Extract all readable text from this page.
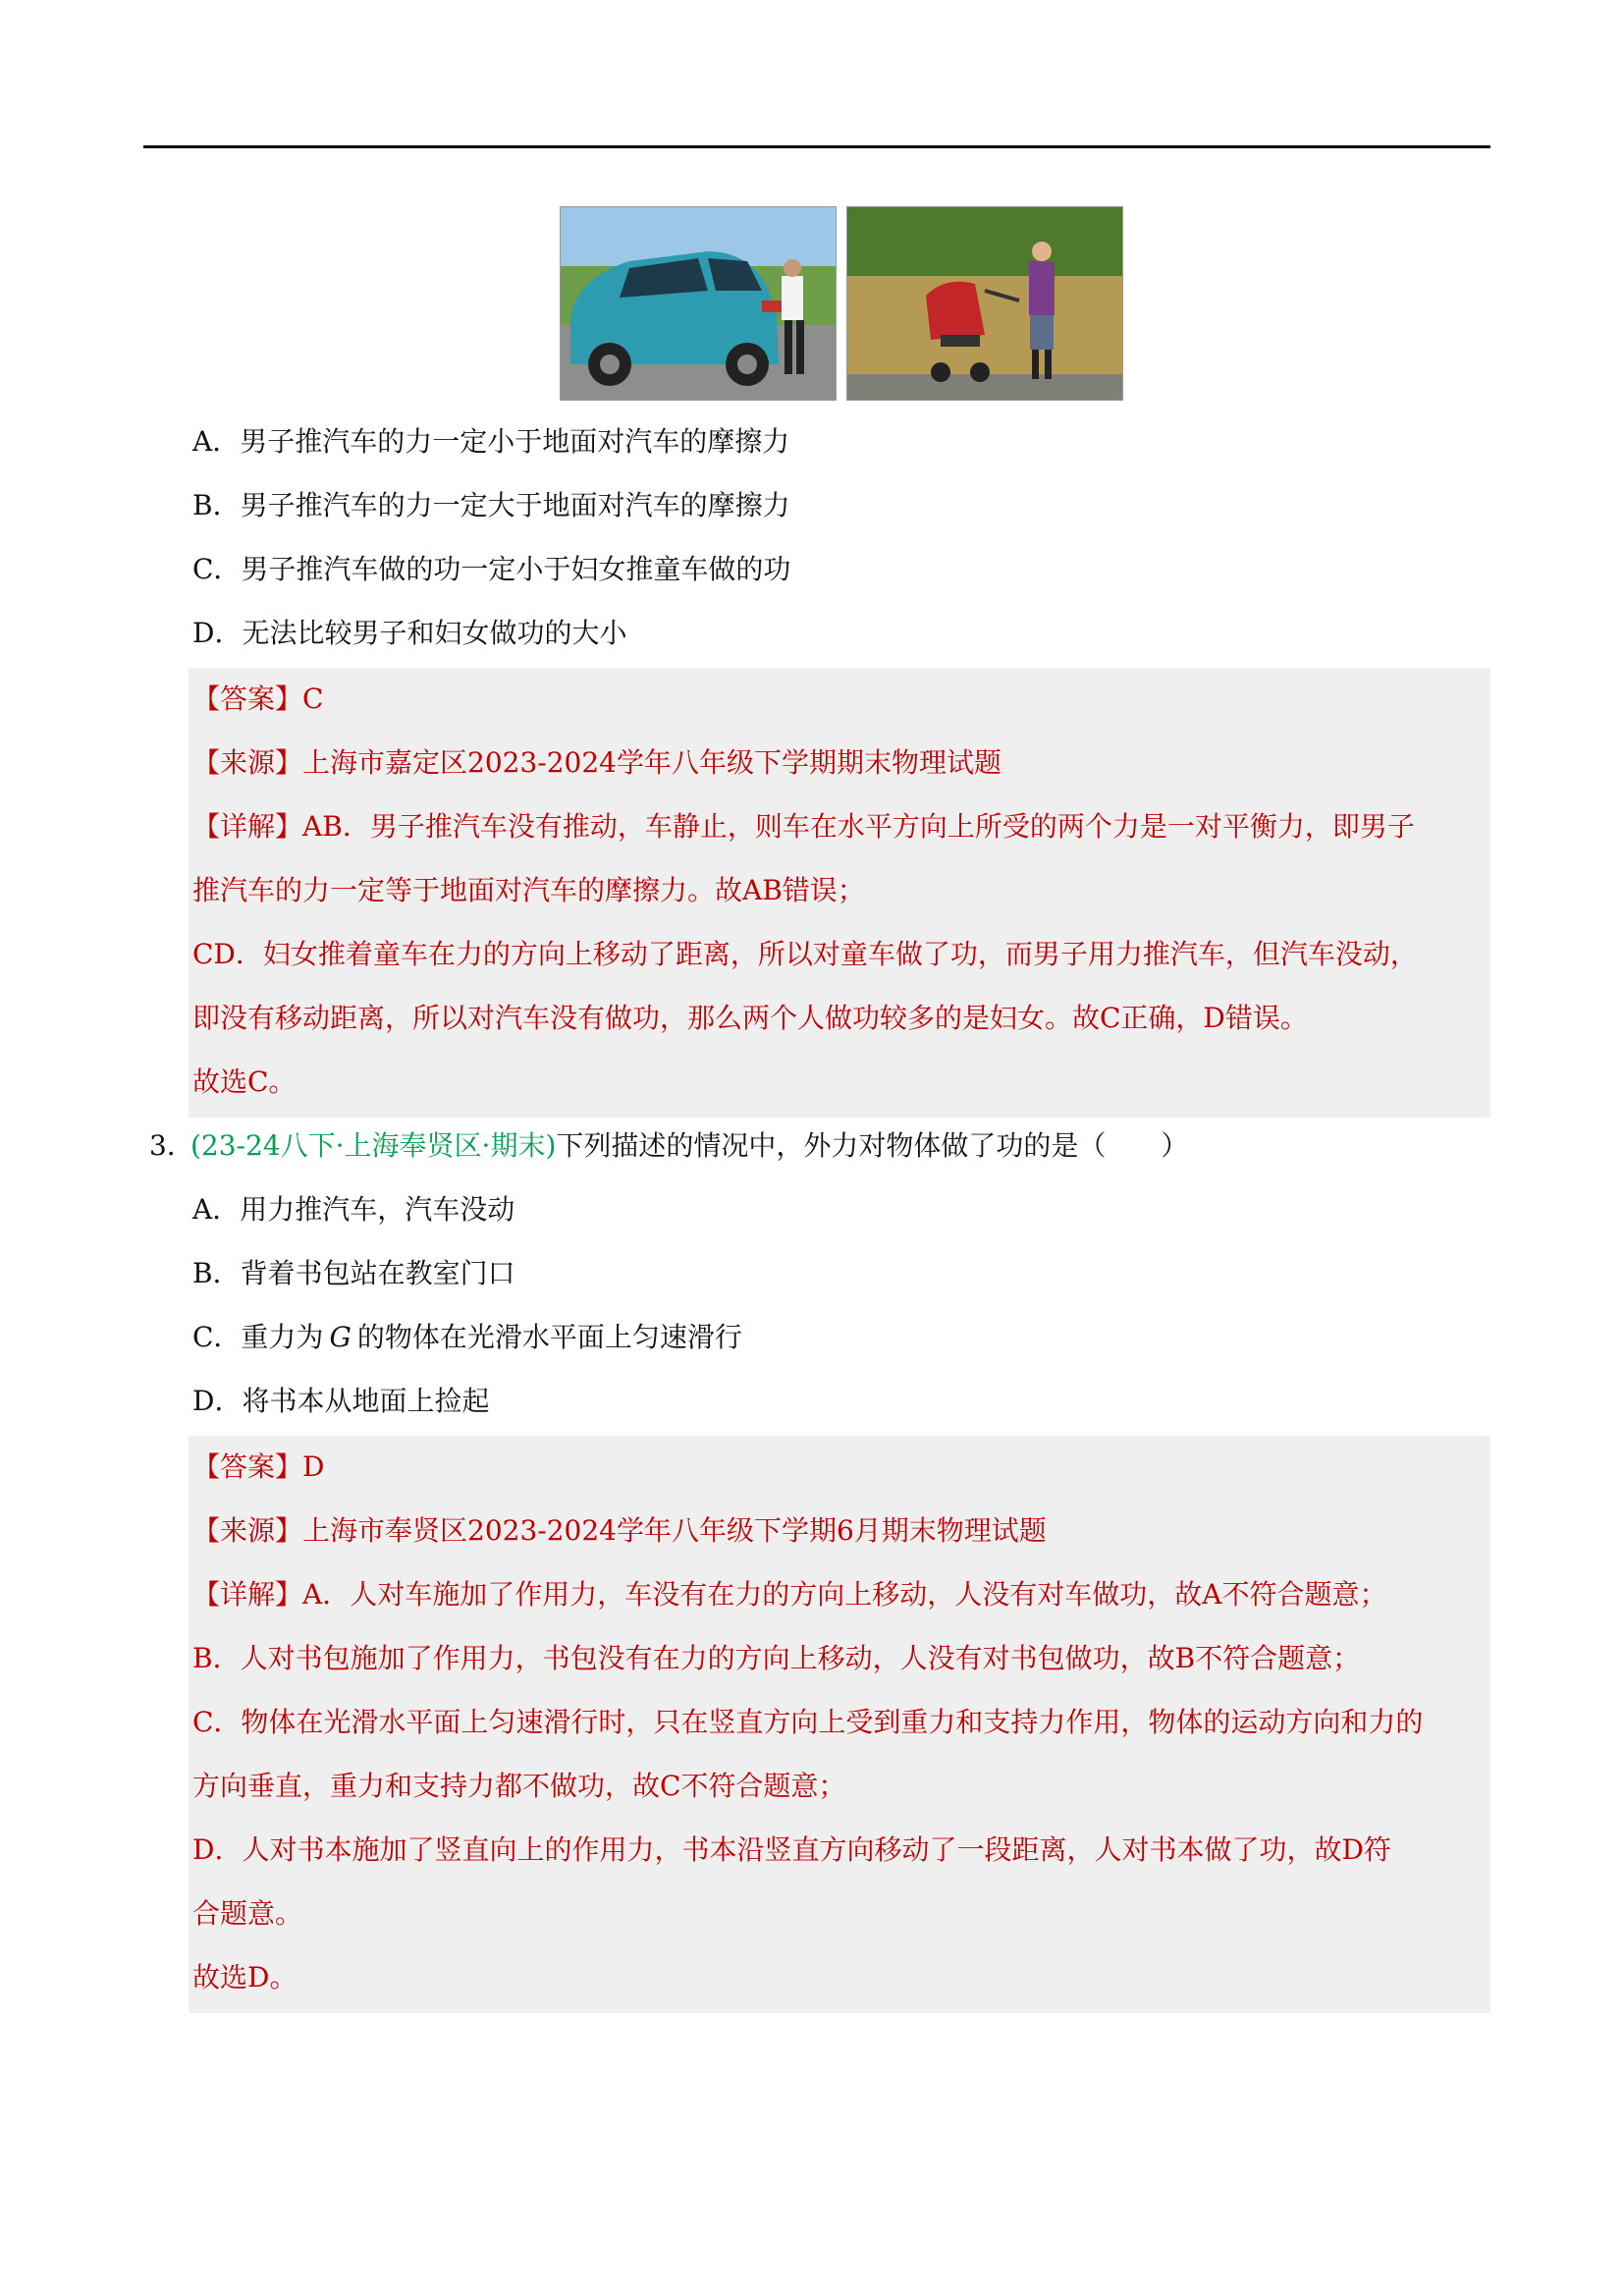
A．男子推汽车的力一定小于地面对汽车的摩擦力
B．男子推汽车的力一定大于地面对汽车的摩擦力
C．男子推汽车做的功一定小于妇女推童车做的功
D．无法比较男子和妇女做功的大小
【答案】C
【来源】上海市嘉定区2023-2024学年八年级下学期期末物理试题
【详解】AB．男子推汽车没有推动，车静止，则车在水平方向上所受的两个力是一对平衡力，即男子
推汽车的力一定等于地面对汽车的摩擦力。故AB错误；
CD．妇女推着童车在力的方向上移动了距离，所以对童车做了功，而男子用力推汽车，但汽车没动，
即没有移动距离，所以对汽车没有做功，那么两个人做功较多的是妇女。故C正确，D错误。
故选C。
3．
(23-24八下·上海奉贤区·期末)下列描述的情况中，外力对物体做了功的是（　　）
A．用力推汽车，汽车没动
B．背着书包站在教室门口
C．重力为 G 的物体在光滑水平面上匀速滑行
D．将书本从地面上捡起
【答案】D
【来源】上海市奉贤区2023-2024学年八年级下学期6月期末物理试题
【详解】A．人对车施加了作用力，车没有在力的方向上移动，人没有对车做功，故A不符合题意；
B．人对书包施加了作用力，书包没有在力的方向上移动，人没有对书包做功，故B不符合题意；
C．物体在光滑水平面上匀速滑行时，只在竖直方向上受到重力和支持力作用，物体的运动方向和力的
方向垂直，重力和支持力都不做功，故C不符合题意；
D．人对书本施加了竖直向上的作用力，书本沿竖直方向移动了一段距离，人对书本做了功，故D符
合题意。
故选D。
